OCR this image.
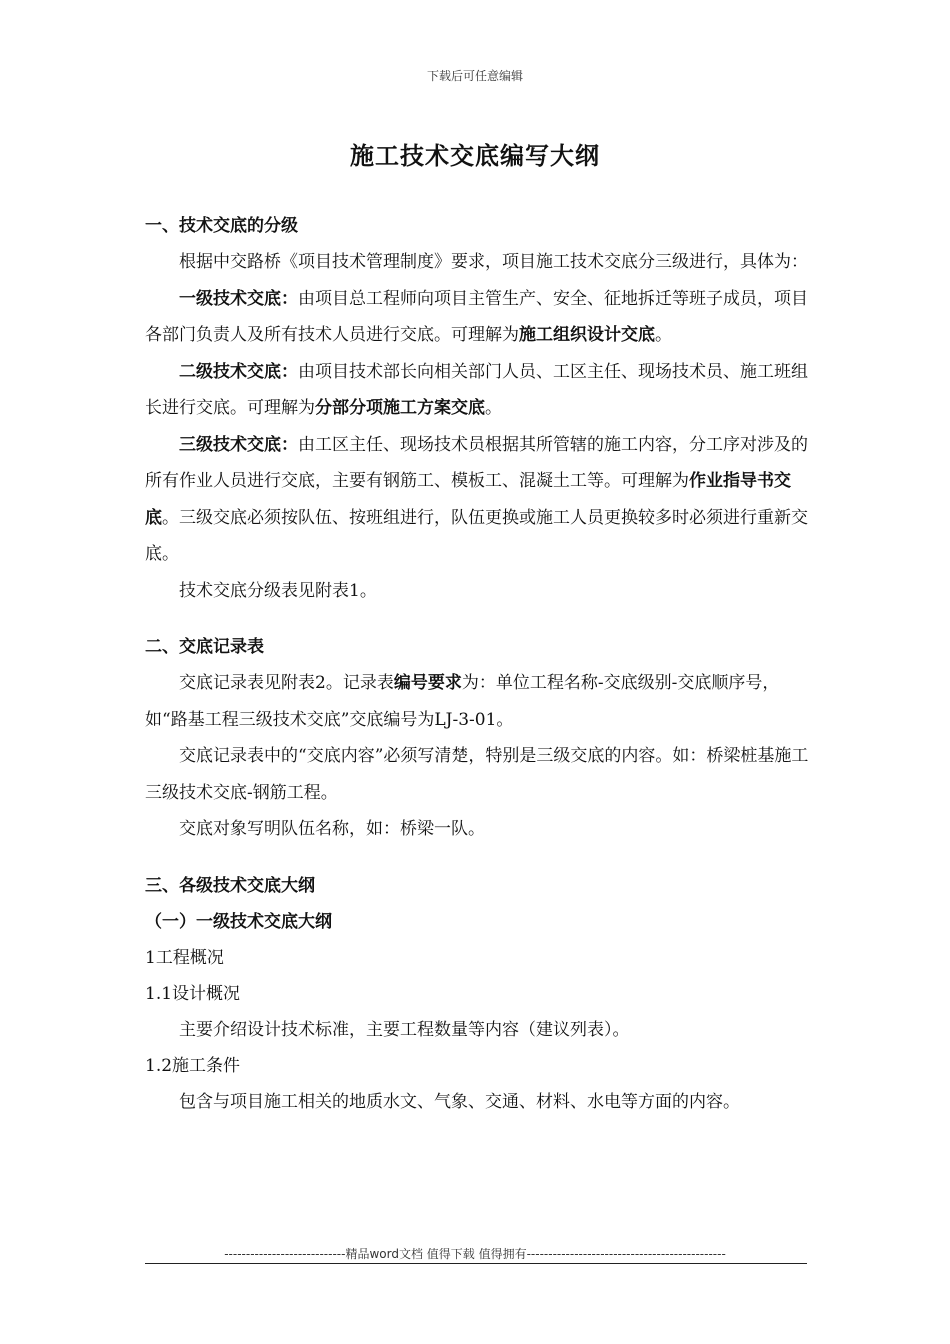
下载后可任意编辑
施工技术交底编写大纲

一、技术交底的分级

根据中交路桥《项目技术管理制度》要求，项目施工技术交底分三级进行，具体为：

一级技术交底：由项目总工程师向项目主管生产、安全、征地拆迁等班子成员，项目各部门负责人及所有技术人员进行交底。可理解为施工组织设计交底。

二级技术交底：由项目技术部长向相关部门人员、工区主任、现场技术员、施工班组长进行交底。可理解为分部分项施工方案交底。

三级技术交底：由工区主任、现场技术员根据其所管辖的施工内容，分工序对涉及的所有作业人员进行交底，主要有钢筋工、模板工、混凝土工等。可理解为作业指导书交底。三级交底必须按队伍、按班组进行，队伍更换或施工人员更换较多时必须进行重新交底。

技术交底分级表见附表1。

二、交底记录表

交底记录表见附表2。记录表编号要求为：单位工程名称-交底级别-交底顺序号，如“路基工程三级技术交底”交底编号为LJ-3-01。

交底记录表中的“交底内容”必须写清楚，特别是三级交底的内容。如：桥梁桩基施工三级技术交底-钢筋工程。

交底对象写明队伍名称，如：桥梁一队。

三、各级技术交底大纲

（一）一级技术交底大纲

1工程概况

1.1设计概况

主要介绍设计技术标准，主要工程数量等内容（建议列表）。

1.2施工条件

包含与项目施工相关的地质水文、气象、交通、材料、水电等方面的内容。

----------------------------精品word文档 值得下载 值得拥有----------------------------------------------
